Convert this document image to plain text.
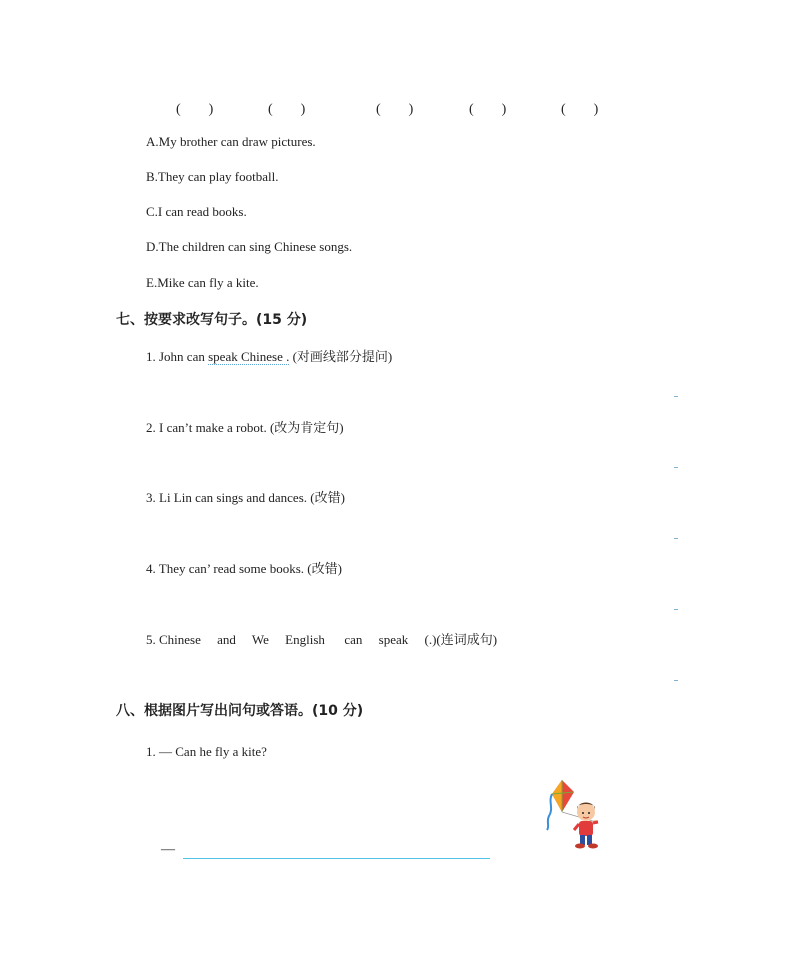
(　　)	(　　)	(　　)	(　　)	(　　)
A.My brother can draw pictures.
B.They can play football.
C.I can read books.
D.The children can sing Chinese songs.
E.Mike can fly a kite.
七、按要求改写句子。(15 分)
1. John can speak Chinese . (对画线部分提问)
2. I can’t make a robot. (改为肯定句)
3. Li Lin can sings and dances. (改错)
4. They can’ read some books. (改错)
5. Chinese     and     We     English      can     speak     (.)(连词成句)
八、根据图片写出问句或答语。(10 分)
1. — Can he fly a kite?
—
